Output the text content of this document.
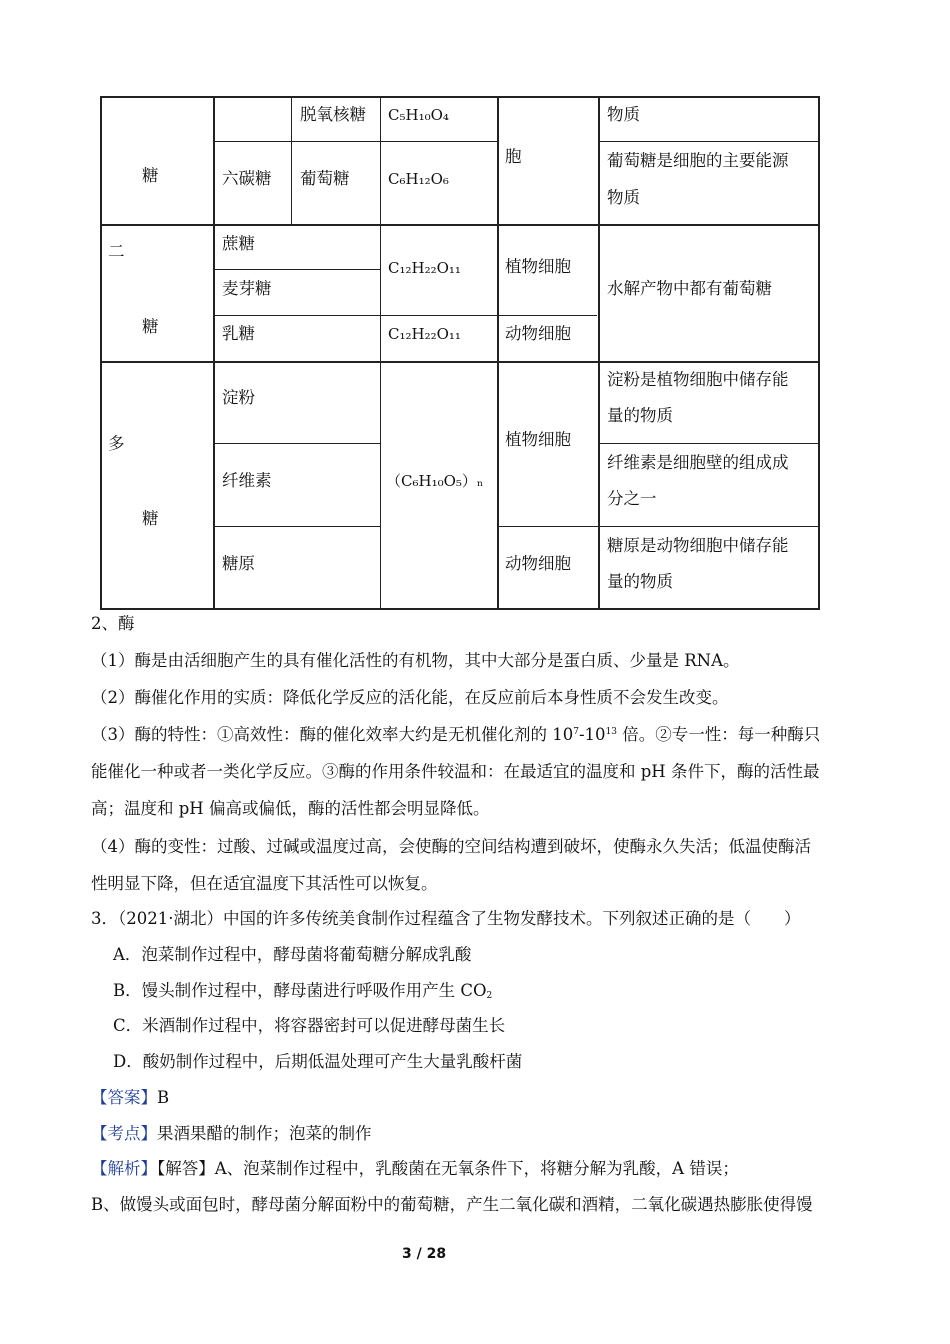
糖
脱氧核糖 C₅H₁₀O₄
六碳糖 葡萄糖	C₆H₁₂O₆
胞
物质
葡萄糖是细胞的主要能源
物质
二
糖
蔗糖
麦芽糖
乳糖
C₁₂H₂₂O₁₁
C₁₂H₂₂O₁₁
植物细胞
动物细胞
水解产物中都有葡萄糖
多
糖
淀粉
纤维素
糖原
（C₆H₁₀O₅）ₙ
植物细胞
动物细胞
淀粉是植物细胞中储存能
量的物质
纤维素是细胞壁的组成成
分之一
糖原是动物细胞中储存能
量的物质
2、酶
（1）酶是由活细胞产生的具有催化活性的有机物，其中大部分是蛋白质、少量是 RNA。
（2）酶催化作用的实质：降低化学反应的活化能，在反应前后本身性质不会发生改变。
（3）酶的特性：①高效性：酶的催化效率大约是无机催化剂的 $10^7-10^{13}$ 倍。②专一性：每一种酶只
能催化一种或者一类化学反应。③酶的作用条件较温和：在最适宜的温度和 pH 条件下，酶的活性最
高；温度和 pH 偏高或偏低，酶的活性都会明显降低。
（4）酶的变性：过酸、过碱或温度过高，会使酶的空间结构遭到破坏，使酶永久失活；低温使酶活
性明显下降，但在适宜温度下其活性可以恢复。
3．（2021·湖北）中国的许多传统美食制作过程蕴含了生物发酵技术。下列叙述正确的是（　　）
A．泡菜制作过程中，酵母菌将葡萄糖分解成乳酸
B．馒头制作过程中，酵母菌进行呼吸作用产生 $CO_2$
C．米酒制作过程中，将容器密封可以促进酵母菌生长
D．酸奶制作过程中，后期低温处理可产生大量乳酸杆菌
【答案】B
【考点】果酒果醋的制作；泡菜的制作
【解析】【解答】A、泡菜制作过程中，乳酸菌在无氧条件下，将糖分解为乳酸，A 错误；
B、做馒头或面包时，酵母菌分解面粉中的葡萄糖，产生二氧化碳和酒精，二氧化碳遇热膨胀使得馒
3 / 28
